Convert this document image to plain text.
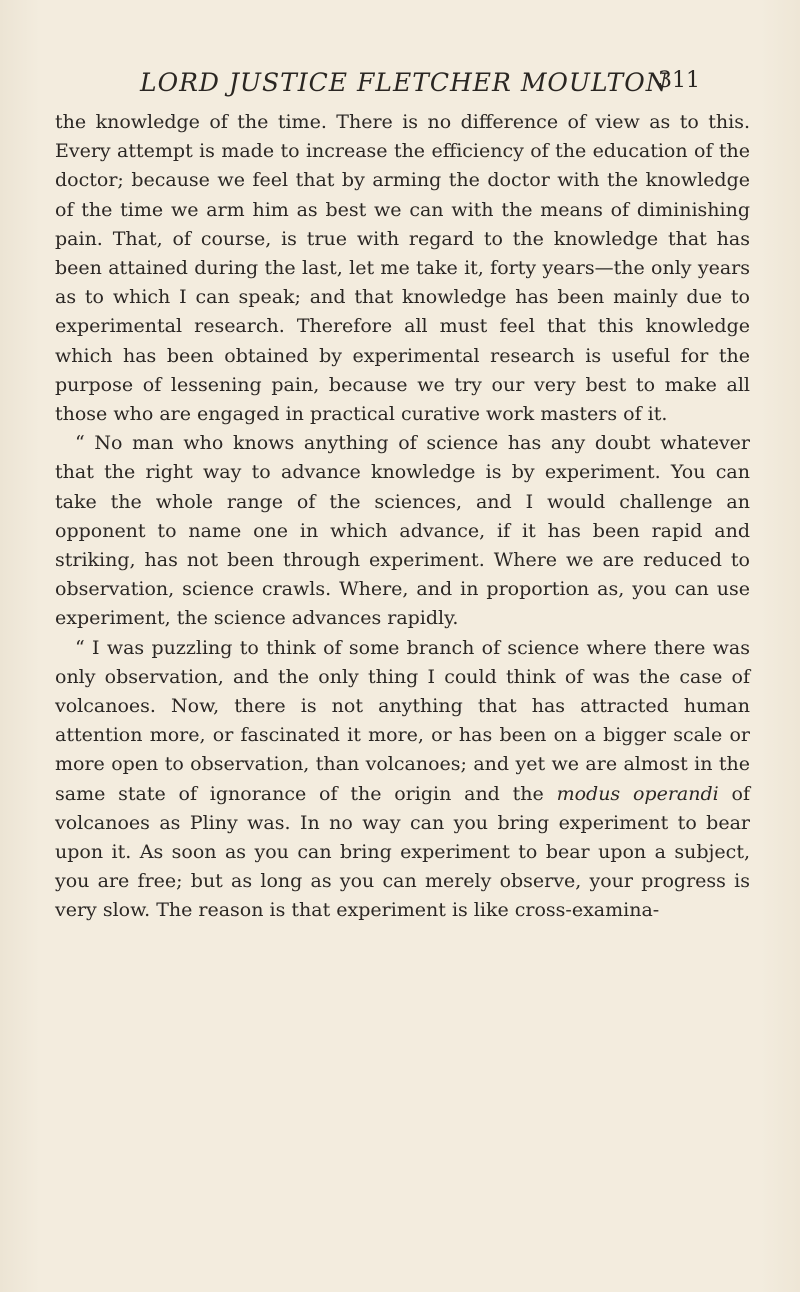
LORD JUSTICE FLETCHER MOULTON
311

the knowledge of the time. There is no difference of view as to this. Every attempt is made to increase the efficiency of the education of the doctor; because we feel that by arming the doctor with the knowledge of the time we arm him as best we can with the means of diminishing pain. That, of course, is true with regard to the knowledge that has been attained during the last, let me take it, forty years—the only years as to which I can speak; and that knowledge has been mainly due to experimental research. Therefore all must feel that this knowledge which has been obtained by experimental research is useful for the purpose of lessening pain, because we try our very best to make all those who are engaged in practical curative work masters of it.

“ No man who knows anything of science has any doubt whatever that the right way to advance knowledge is by experiment. You can take the whole range of the sciences, and I would challenge an opponent to name one in which advance, if it has been rapid and striking, has not been through experiment. Where we are reduced to observation, science crawls. Where, and in proportion as, you can use experiment, the science advances rapidly.

“ I was puzzling to think of some branch of science where there was only observation, and the only thing I could think of was the case of volcanoes. Now, there is not anything that has attracted human attention more, or fascinated it more, or has been on a bigger scale or more open to observation, than volcanoes; and yet we are almost in the same state of ignorance of the origin and the modus operandi of volcanoes as Pliny was. In no way can you bring experiment to bear upon it. As soon as you can bring experiment to bear upon a subject, you are free; but as long as you can merely observe, your progress is very slow. The reason is that experiment is like cross-examina-
